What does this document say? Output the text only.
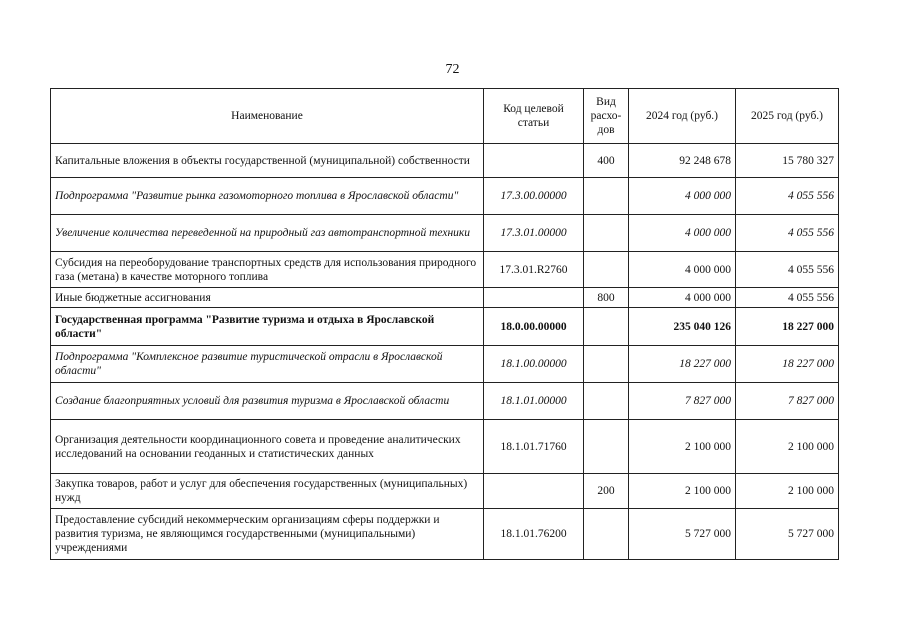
72
Наименование	Код целевой статьи	Вид расхо-дов	2024 год (руб.)	2025 год (руб.)
Капитальные вложения в объекты государственной (муниципальной) собственности		400	92 248 678	15 780 327
Подпрограмма "Развитие рынка газомоторного топлива в Ярославской области"	17.3.00.00000		4 000 000	4 055 556
Увеличение количества переведенной на природный газ автотранспортной техники	17.3.01.00000		4 000 000	4 055 556
Субсидия на переоборудование транспортных средств для использования природного газа (метана) в качестве моторного топлива	17.3.01.R2760		4 000 000	4 055 556
Иные бюджетные ассигнования		800	4 000 000	4 055 556
Государственная программа "Развитие туризма и отдыха в Ярославской области"	18.0.00.00000		235 040 126	18 227 000
Подпрограмма "Комплексное развитие туристической отрасли в Ярославской области"	18.1.00.00000		18 227 000	18 227 000
Создание благоприятных условий для развития туризма в Ярославской области	18.1.01.00000		7 827 000	7 827 000
Организация деятельности координационного совета и проведение аналитических исследований на основании геоданных и статистических данных	18.1.01.71760		2 100 000	2 100 000
Закупка товаров, работ и услуг для обеспечения государственных (муниципальных) нужд		200	2 100 000	2 100 000
Предоставление субсидий некоммерческим организациям сферы поддержки и развития туризма, не являющимся государственными (муниципальными) учреждениями	18.1.01.76200		5 727 000	5 727 000
